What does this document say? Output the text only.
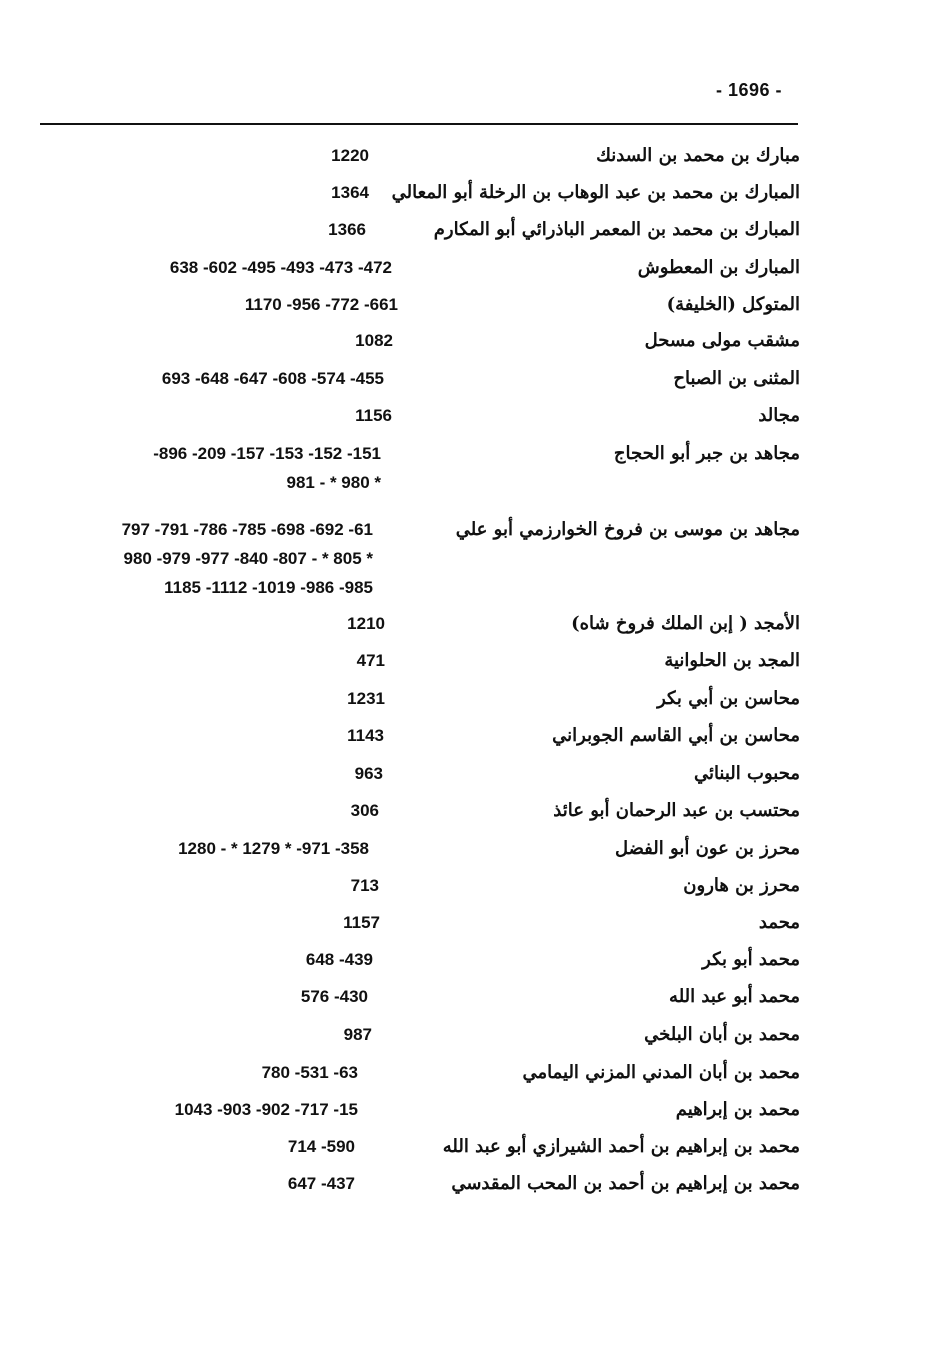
- 1696 -
مبارك بن محمد بن السدنك
1220
المبارك بن محمد بن عبد الوهاب بن الرخلة أبو المعالي
1364
المبارك بن محمد بن المعمر الباذرائي أبو المكارم
1366
المبارك بن المعطوش
638 -602 -495 -493 -473 -472
المتوكل (الخليفة)
1170 -956 -772 -661
مشقب مولى مسحل
1082
المثنى بن الصباح
693 -648 -647 -608 -574 -455
مجالد
1156
مجاهد بن جبر أبو الحجاج
-896 -209 -157 -153 -152 -151
981 - * 980 *
مجاهد بن موسى بن فروخ الخوارزمي أبو علي
797 -791 -786 -785 -698 -692 -61
980 -979 -977 -840 -807 - * 805 *
1185 -1112 -1019 -986 -985
الأمجد ( إبن الملك فروخ شاه)
1210
المجد بن الحلوانية
471
محاسن بن أبي بكر
1231
محاسن بن أبي القاسم الجوبراني
1143
محبوب البنائي
963
محتسب بن عبد الرحمان أبو عائذ
306
محرز بن عون أبو الفضل
1280 - * 1279 * -971 -358
محرز بن هارون
713
محمد
1157
محمد أبو بكر
648 -439
محمد أبو عبد الله
576 -430
محمد بن أبان البلخي
987
محمد بن أبان المدني المزني اليمامي
780 -531 -63
محمد بن إبراهيم
1043 -903 -902 -717 -15
محمد بن إبراهيم بن أحمد الشيرازي أبو عبد الله
714 -590
محمد بن إبراهيم بن أحمد بن المحب المقدسي
647 -437
